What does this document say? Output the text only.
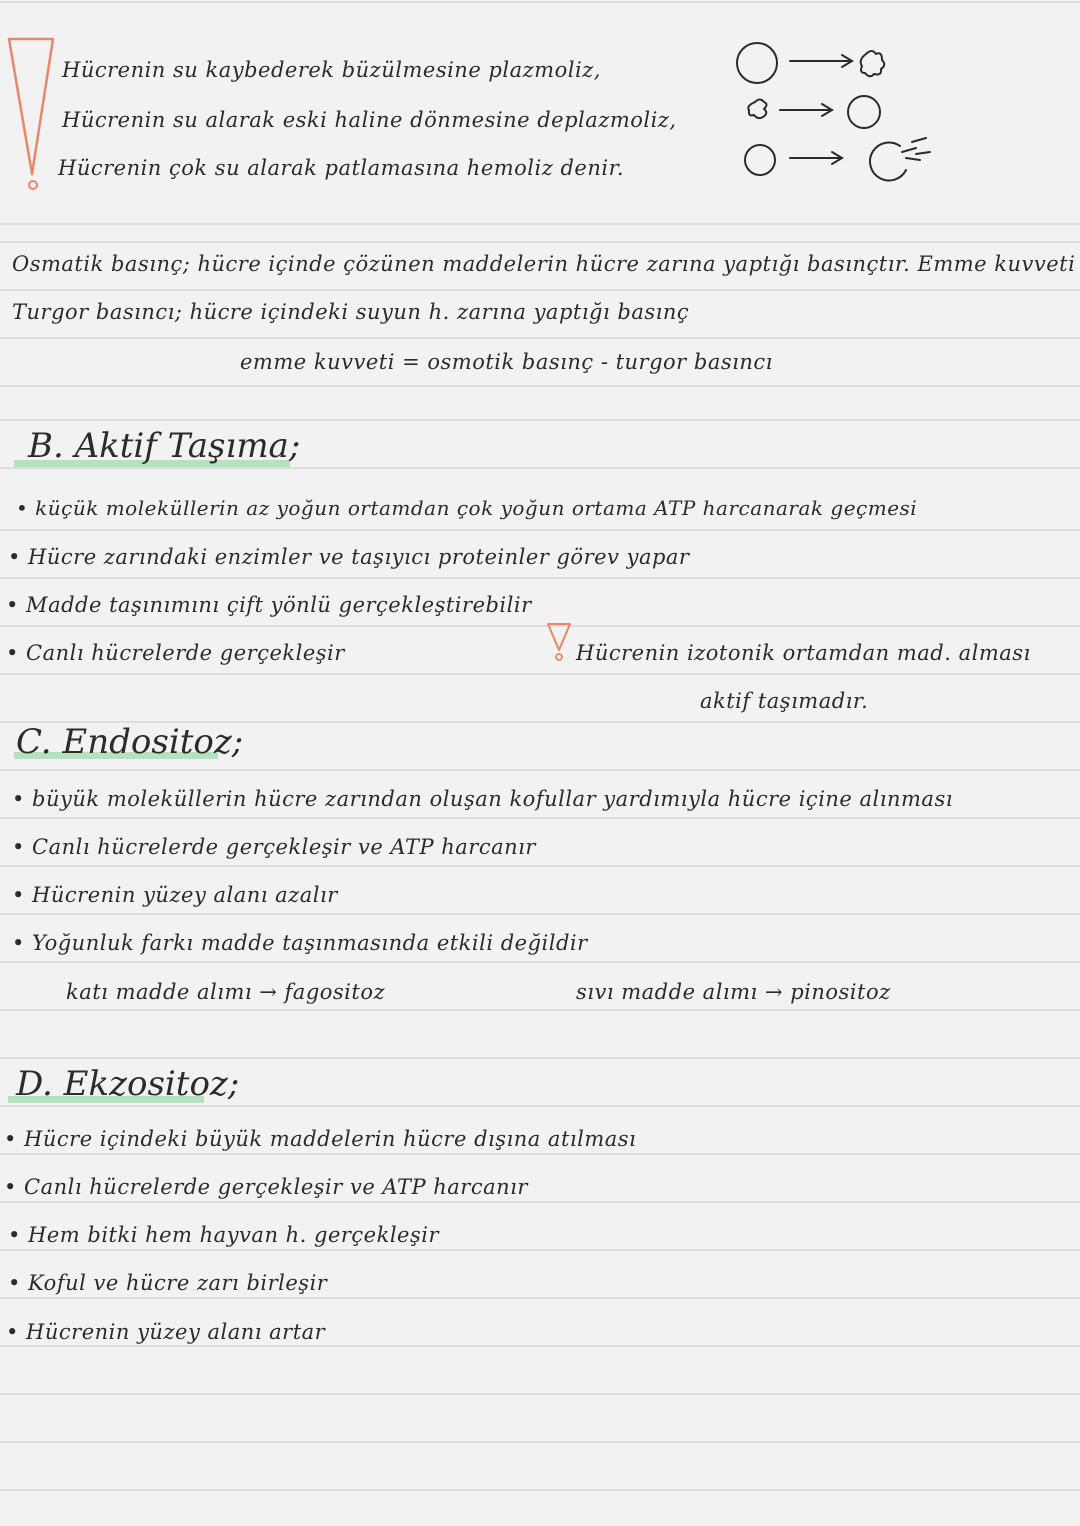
Hücrenin su kaybederek büzülmesine plazmoliz,
Hücrenin su alarak eski haline dönmesine deplazmoliz,
Hücrenin çok su alarak patlamasına hemoliz denir.
Osmatik basınç; hücre içinde çözünen maddelerin hücre zarına yaptığı basınçtır. Emme kuvveti
Turgor basıncı; hücre içindeki suyun h. zarına yaptığı basınç
emme kuvveti = osmotik basınç - turgor basıncı
B. Aktif Taşıma;
• küçük moleküllerin az yoğun ortamdan çok yoğun ortama ATP harcanarak geçmesi
• Hücre zarındaki enzimler ve taşıyıcı proteinler görev yapar
• Madde taşınımını çift yönlü gerçekleştirebilir
• Canlı hücrelerde gerçekleşir	Hücrenin izotonik ortamdan mad. alması
aktif taşımadır.
C. Endositoz;
• büyük moleküllerin hücre zarından oluşan kofullar yardımıyla hücre içine alınması
• Canlı hücrelerde gerçekleşir ve ATP harcanır
• Hücrenin yüzey alanı azalır
• Yoğunluk farkı madde taşınmasında etkili değildir
katı madde alımı → fagositoz	sıvı madde alımı → pinositoz
D. Ekzositoz;
• Hücre içindeki büyük maddelerin hücre dışına atılması
• Canlı hücrelerde gerçekleşir ve ATP harcanır
• Hem bitki hem hayvan h. gerçekleşir
• Koful ve hücre zarı birleşir
• Hücrenin yüzey alanı artar
